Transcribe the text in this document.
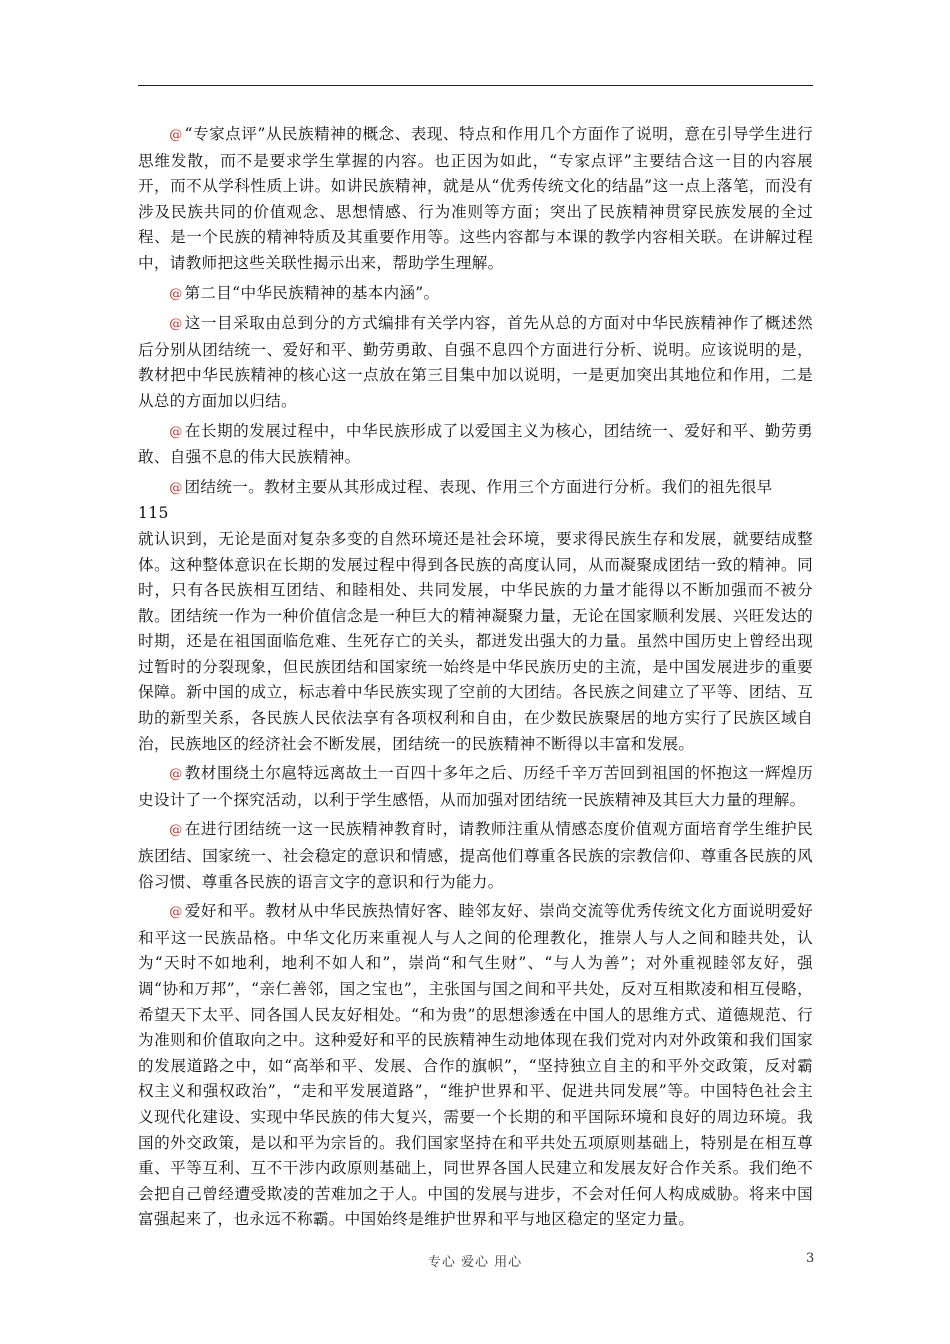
@ “专家点评”从民族精神的概念、表现、特点和作用几个方面作了说明，意在引导学生进行思维发散，而不是要求学生掌握的内容。也正因为如此，“专家点评”主要结合这一目的内容展开，而不从学科性质上讲。如讲民族精神，就是从“优秀传统文化的结晶”这一点上落笔，而没有涉及民族共同的价值观念、思想情感、行为准则等方面；突出了民族精神贯穿民族发展的全过程、是一个民族的精神特质及其重要作用等。这些内容都与本课的教学内容相关联。在讲解过程中，请教师把这些关联性揭示出来，帮助学生理解。

@ 第二目“中华民族精神的基本内涵”。

@ 这一目采取由总到分的方式编排有关学内容，首先从总的方面对中华民族精神作了概述然后分别从团结统一、爱好和平、勤劳勇敢、自强不息四个方面进行分析、说明。应该说明的是，教材把中华民族精神的核心这一点放在第三目集中加以说明，一是更加突出其地位和作用，二是从总的方面加以归结。

@ 在长期的发展过程中，中华民族形成了以爱国主义为核心，团结统一、爱好和平、勤劳勇敢、自强不息的伟大民族精神。

@ 团结统一。教材主要从其形成过程、表现、作用三个方面进行分析。我们的祖先很早

115

就认识到，无论是面对复杂多变的自然环境还是社会环境，要求得民族生存和发展，就要结成整体。这种整体意识在长期的发展过程中得到各民族的高度认同，从而凝聚成团结一致的精神。同时，只有各民族相互团结、和睦相处、共同发展，中华民族的力量才能得以不断加强而不被分散。团结统一作为一种价值信念是一种巨大的精神凝聚力量，无论在国家顺利发展、兴旺发达的时期，还是在祖国面临危难、生死存亡的关头，都迸发出强大的力量。虽然中国历史上曾经出现过暂时的分裂现象，但民族团结和国家统一始终是中华民族历史的主流，是中国发展进步的重要保障。新中国的成立，标志着中华民族实现了空前的大团结。各民族之间建立了平等、团结、互助的新型关系，各民族人民依法享有各项权利和自由，在少数民族聚居的地方实行了民族区域自治，民族地区的经济社会不断发展，团结统一的民族精神不断得以丰富和发展。

@ 教材围绕土尔扈特远离故土一百四十多年之后、历经千辛万苦回到祖国的怀抱这一辉煌历史设计了一个探究活动，以利于学生感悟，从而加强对团结统一民族精神及其巨大力量的理解。

@ 在进行团结统一这一民族精神教育时，请教师注重从情感态度价值观方面培育学生维护民族团结、国家统一、社会稳定的意识和情感，提高他们尊重各民族的宗教信仰、尊重各民族的风俗习惯、尊重各民族的语言文字的意识和行为能力。

@ 爱好和平。教材从中华民族热情好客、睦邻友好、崇尚交流等优秀传统文化方面说明爱好和平这一民族品格。中华文化历来重视人与人之间的伦理教化，推崇人与人之间和睦共处，认为“天时不如地利，地利不如人和”，崇尚“和气生财”、“与人为善”；对外重视睦邻友好，强调“协和万邦”，“亲仁善邻，国之宝也”，主张国与国之间和平共处，反对互相欺凌和相互侵略，希望天下太平、同各国人民友好相处。“和为贵”的思想渗透在中国人的思维方式、道德规范、行为准则和价值取向之中。这种爱好和平的民族精神生动地体现在我们党对内对外政策和我们国家的发展道路之中，如“高举和平、发展、合作的旗帜”，“坚持独立自主的和平外交政策，反对霸权主义和强权政治”，“走和平发展道路”，“维护世界和平、促进共同发展”等。中国特色社会主义现代化建设、实现中华民族的伟大复兴，需要一个长期的和平国际环境和良好的周边环境。我国的外交政策，是以和平为宗旨的。我们国家坚持在和平共处五项原则基础上，特别是在相互尊重、平等互利、互不干涉内政原则基础上，同世界各国人民建立和发展友好合作关系。我们绝不会把自己曾经遭受欺凌的苦难加之于人。中国的发展与进步，不会对任何人构成威胁。将来中国富强起来了，也永远不称霸。中国始终是维护世界和平与地区稳定的坚定力量。

专心 爱心 用心	3
